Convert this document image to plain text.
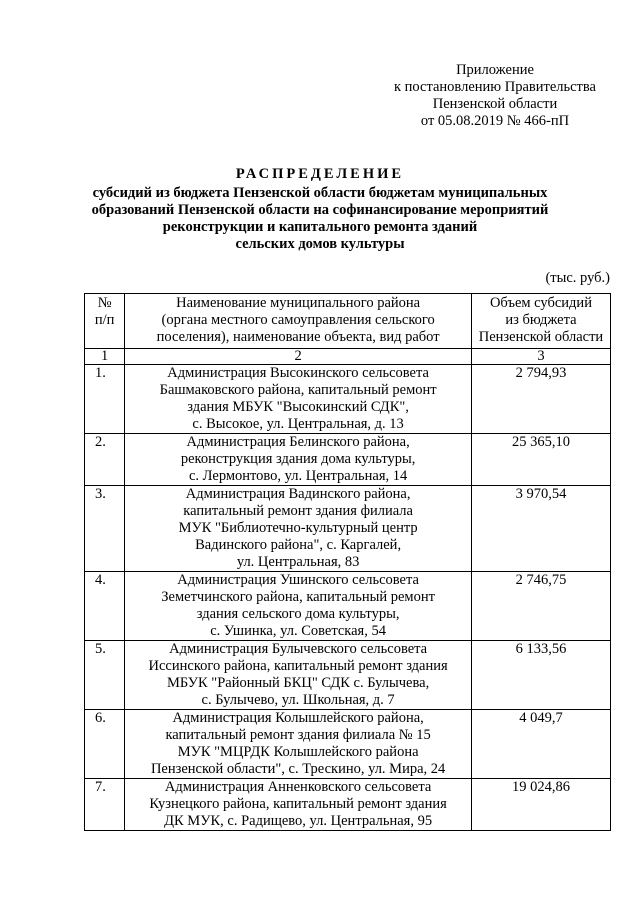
Приложение
к постановлению Правительства
Пензенской области
от 05.08.2019 № 466-пП
РАСПРЕДЕЛЕНИЕ
субсидий из бюджета Пензенской области бюджетам муниципальных
образований Пензенской области на софинансирование мероприятий
реконструкции и капитального ремонта зданий
сельских домов культуры
(тыс. руб.)
№
п/п	Наименование муниципального района
(органа местного самоуправления сельского
поселения), наименование объекта, вид работ	Объем субсидий
из бюджета
Пензенской области

1	2	3
1.	Администрация Высокинского сельсовета
Башмаковского района, капитальный ремонт
здания МБУК "Высокинский СДК",
с. Высокое, ул. Центральная, д. 13	2 794,93
2.	Администрация Белинского района,
реконструкция здания дома культуры,
с. Лермонтово, ул. Центральная, 14	25 365,10
3.	Администрация Вадинского района,
капитальный ремонт здания филиала
МУК "Библиотечно-культурный центр
Вадинского района", с. Каргалей,
ул. Центральная, 83	3 970,54
4.	Администрация Ушинского сельсовета
Земетчинского района, капитальный ремонт
здания сельского дома культуры,
с. Ушинка, ул. Советская, 54	2 746,75
5.	Администрация Булычевского сельсовета
Иссинского района, капитальный ремонт здания
МБУК "Районный БКЦ" СДК с. Булычева,
с. Булычево, ул. Школьная, д. 7	6 133,56
6.	Администрация Колышлейского района,
капитальный ремонт здания филиала № 15
МУК "МЦРДК Колышлейского района
Пензенской области", с. Трескино, ул. Мира, 24	4 049,7
7.	Администрация Анненковского сельсовета
Кузнецкого района, капитальный ремонт здания
ДК МУК, с. Радищево, ул. Центральная, 95	19 024,86
